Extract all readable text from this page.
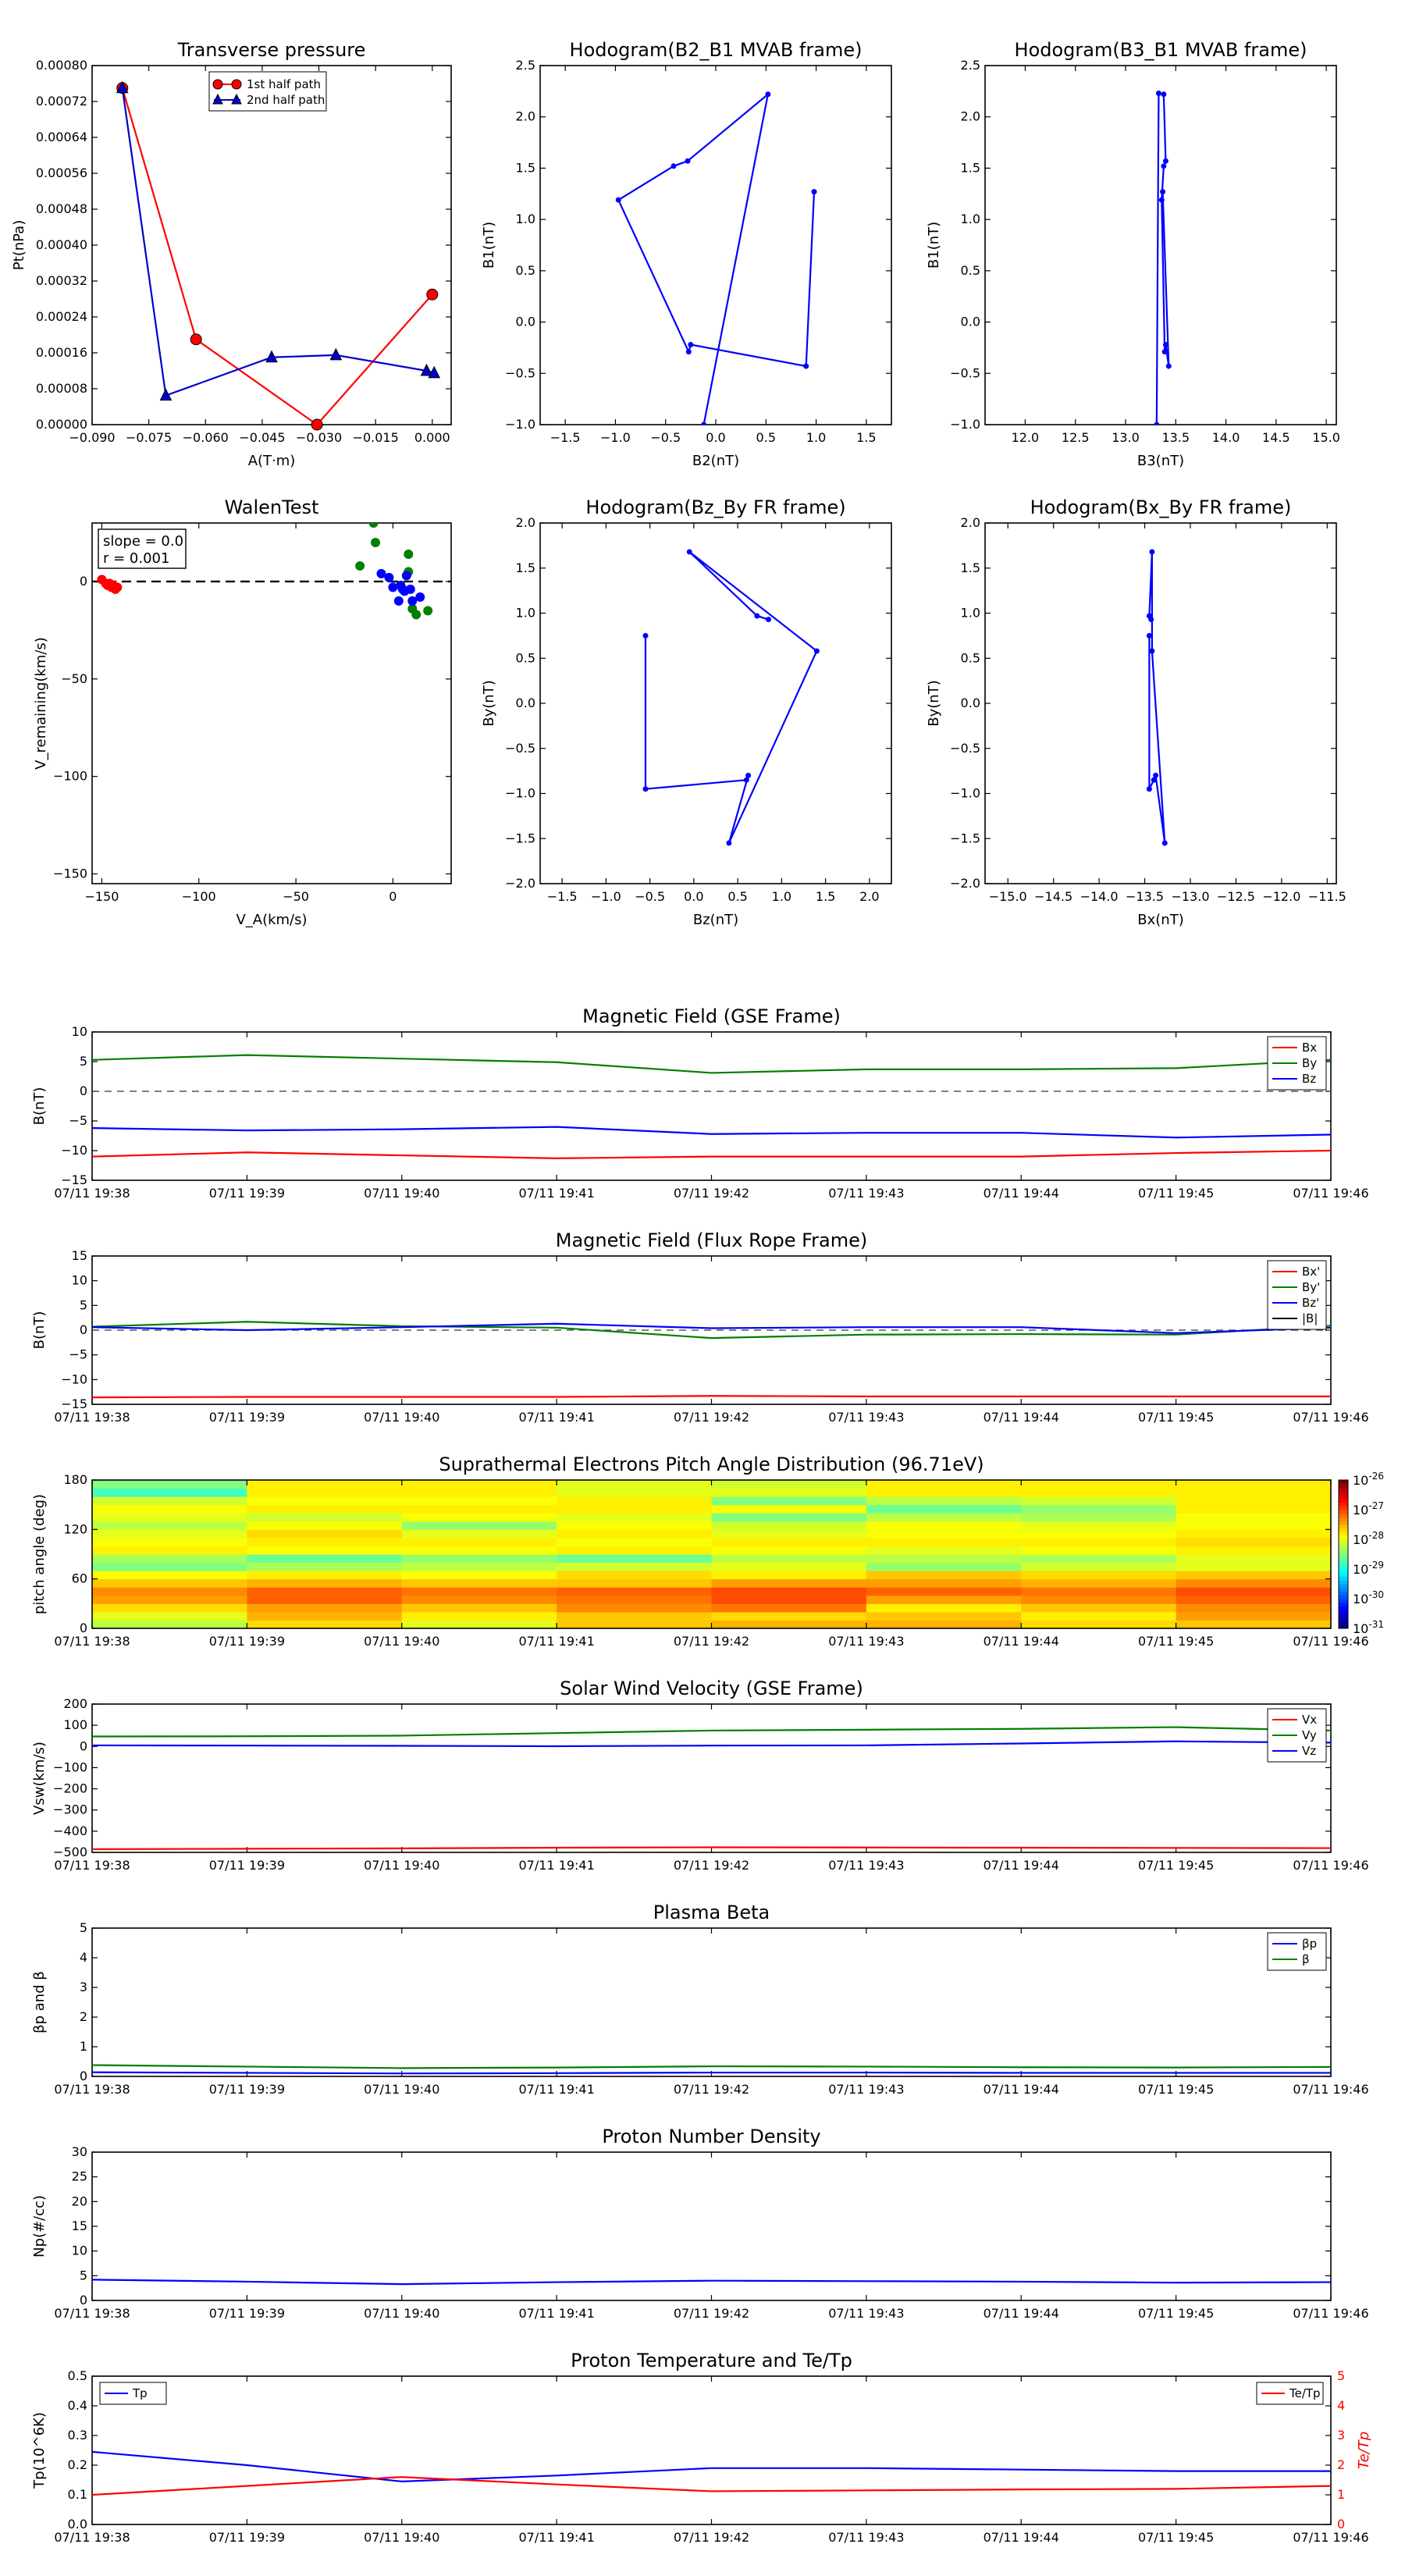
Transverse pressure
−0.090 −0.075 −0.060 −0.045 −0.030 −0.015 0.000
0.00000
0.00008
0.00016
0.00024
0.00032
0.00040
0.00048
0.00056
0.00064
0.00072
0.00080
A(T·m)
Pt(nPa)
1st half path
2nd half path
Hodogram(B2_B1 MVAB frame)
−1.5 −1.0 −0.5 0.0 0.5 1.0 1.5
−1.0
−0.5
0.0
0.5
1.0
1.5
2.0
2.5
B2(nT)
B1(nT)
Hodogram(B3_B1 MVAB frame)
12.0 12.5 13.0 13.5 14.0 14.5 15.0
−1.0
−0.5
0.0
0.5
1.0
1.5
2.0
2.5
B3(nT)
B1(nT)
WalenTest
−150	−100	−50	0
−150
−100
−50
0
V_A(km/s)
V_remaining(km/s)
slope = 0.0
r = 0.001
Hodogram(Bz_By FR frame)
−1.5 −1.0 −0.5 0.0 0.5 1.0 1.5 2.0
−2.0
−1.5
−1.0
−0.5
0.0
0.5
1.0
1.5
2.0
Bz(nT)
By(nT)
Hodogram(Bx_By FR frame)
−15.0 −14.5 −14.0 −13.5 −13.0 −12.5 −12.0 −11.5
−2.0
−1.5
−1.0
−0.5
0.0
0.5
1.0
1.5
2.0
Bx(nT)
By(nT)
Magnetic Field (GSE Frame)
−15
−10
−5
0
5
10
07/11 19:38	07/11 19:39	07/11 19:40	07/11 19:41	07/11 19:42	07/11 19:43	07/11 19:44	07/11 19:45	07/11 19:46
B(nT)
Bx
By
Bz
Magnetic Field (Flux Rope Frame)
−15
−10
−5
0
5
10
15
07/11 19:38	07/11 19:39	07/11 19:40	07/11 19:41	07/11 19:42	07/11 19:43	07/11 19:44	07/11 19:45	07/11 19:46
B(nT)
Bx'
By'
Bz'
|B|
Solar Wind Velocity (GSE Frame)
−500
−400
−300
−200
−100
0
100
200
07/11 19:38	07/11 19:39	07/11 19:40	07/11 19:41	07/11 19:42	07/11 19:43	07/11 19:44	07/11 19:45	07/11 19:46
Vsw(km/s)
Vx
Vy
Vz
Plasma Beta
0
1
2
3
4
5
07/11 19:38	07/11 19:39	07/11 19:40	07/11 19:41	07/11 19:42	07/11 19:43	07/11 19:44	07/11 19:45	07/11 19:46
βp and β
βp
β
Proton Number Density
0
5
10
15
20
25
30
07/11 19:38	07/11 19:39	07/11 19:40	07/11 19:41	07/11 19:42	07/11 19:43	07/11 19:44	07/11 19:45	07/11 19:46
Np(#/cc)
Proton Temperature and Te/Tp
0.0
0.1
0.2
0.3
0.4
0.5
07/11 19:38	07/11 19:39	07/11 19:40	07/11 19:41	07/11 19:42	07/11 19:43	07/11 19:44	07/11 19:45	07/11 19:46
Tp(10^6K)
0
1
2
3
4
5
Te/Tp
Tp	Te/Tp
Suprathermal Electrons Pitch Angle Distribution (96.71eV)
0
60
120
180
07/11 19:38	07/11 19:39	07/11 19:40	07/11 19:41	07/11 19:42	07/11 19:43	07/11 19:44	07/11 19:45	07/11 19:46
pitch angle (deg)
$10^{-31}$
$10^{-30}$
$10^{-29}$
$10^{-28}$
$10^{-27}$
$10^{-26}$
